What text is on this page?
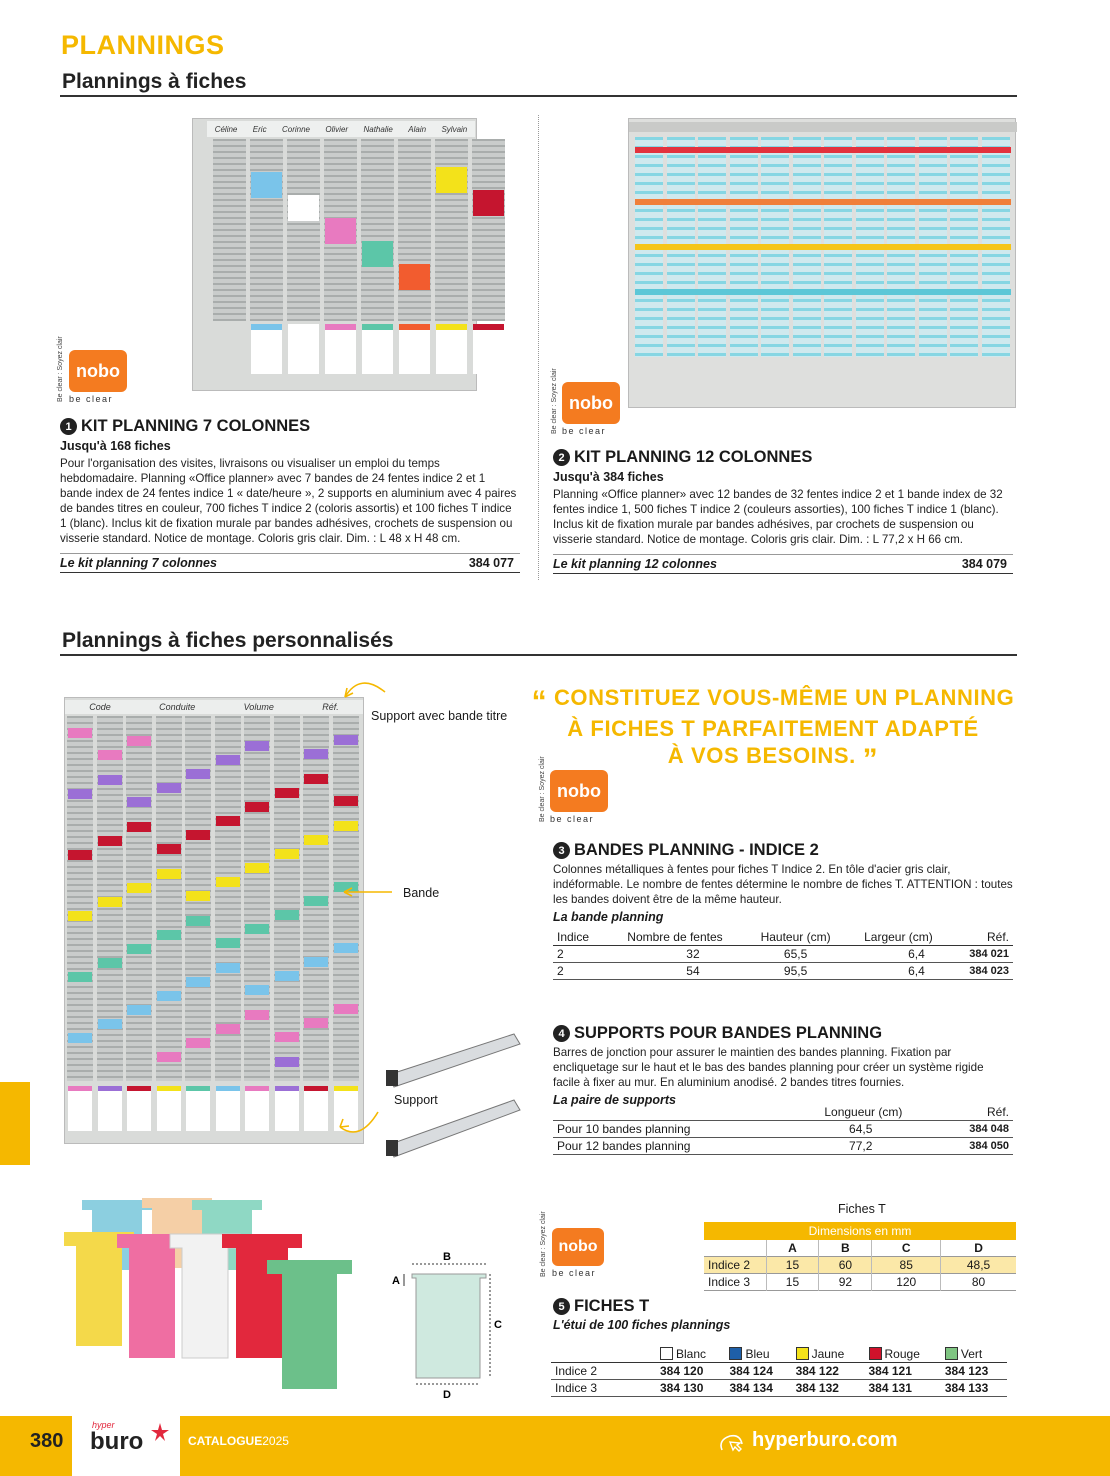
PLANNINGS
Plannings à fiches
Céline Eric Corinne Olivier Nathalie Alain Sylvain
Be clear : Soyez clair nobo
be clear
1 KIT PLANNING 7 COLONNES
Jusqu'à 168 fiches
Pour l'organisation des visites, livraisons ou visualiser un emploi du temps hebdomadaire. Planning «Office planner» avec 7 bandes de 24 fentes indice 2 et 1 bande index de 24 fentes indice 1 « date/heure », 2 supports en aluminium avec 4 paires de bandes titres en couleur, 700 fiches T indice 2 (coloris assortis) et 100 fiches T indice 1 (blanc). Inclus kit de fixation murale par bandes adhésives, crochets de suspension ou visserie standard. Notice de montage. Coloris gris clair. Dim. : L 48 x H 48 cm.
Le kit planning 7 colonnes	384 077
Be clear : Soyez clair nobo
be clear
2 KIT PLANNING 12 COLONNES
Jusqu'à 384 fiches
Planning «Office planner» avec 12 bandes de 32 fentes indice 2 et 1 bande index de 32 fentes indice 1, 500 fiches T indice 2 (couleurs assorties), 100 fiches T indice 1 (blanc). Inclus kit de fixation murale par bandes adhésives, par crochets de suspension ou visserie standard. Notice de montage. Coloris gris clair. Dim. : L 77,2 x H 66 cm.
Le kit planning 12 colonnes	384 079
Plannings à fiches personnalisés
Code	Conduite	Volume	Réf.
Support avec bande titre
Bande
Support
“ CONSTITUEZ VOUS-MÊME UN PLANNING
À FICHES T PARFAITEMENT ADAPTÉ
À VOS BESOINS. ”
Be clear : Soyez clair nobo
be clear
3 BANDES PLANNING - INDICE 2
Colonnes métalliques à fentes pour fiches T Indice 2. En tôle d'acier gris clair, indéformable. Le nombre de fentes détermine le nombre de fiches T. ATTENTION : toutes les bandes doivent être de la même hauteur.
La bande planning
Indice	Nombre de fentes	Hauteur (cm)	Largeur (cm)	Réf.
2	32	65,5	6,4	384 021
2	54	95,5	6,4	384 023
4 SUPPORTS POUR BANDES PLANNING
Barres de jonction pour assurer le maintien des bandes planning. Fixation par encliquetage sur le haut et le bas des bandes planning pour créer un système rigide facile à fixer au mur. En aluminium anodisé. 2 bandes titres fournies.
La paire de supports
	Longueur (cm)	Réf.
Pour 10 bandes planning	64,5	384 048
Pour 12 bandes planning	77,2	384 050
B
A
C
D
Be clear : Soyez clair nobo
be clear
Fiches T
Dimensions en mm				
	A	B	C	D
Indice 2	15	60	85	48,5
Indice 3	15	92	120	80
5 FICHES T
L'étui de 100 fiches plannings
	Blanc	Bleu	Jaune	Rouge	Vert
Indice 2	384 120	384 124	384 122	384 121	384 123
Indice 3	384 130	384 134	384 132	384 131	384 133
380
hyper
buro	CATALOGUE2025	hyperburo.com
